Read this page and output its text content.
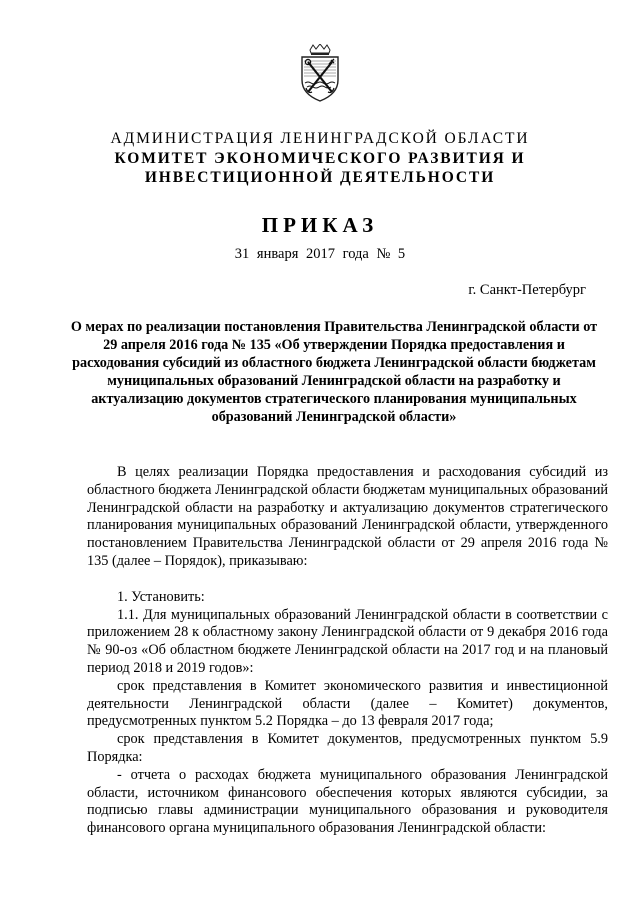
АДМИНИСТРАЦИЯ ЛЕНИНГРАДСКОЙ ОБЛАСТИ
КОМИТЕТ ЭКОНОМИЧЕСКОГО РАЗВИТИЯ И
ИНВЕСТИЦИОННОЙ ДЕЯТЕЛЬНОСТИ
ПРИКАЗ
31 января 2017 года № 5
г. Санкт-Петербург
О мерах по реализации постановления Правительства Ленинградской области от 29 апреля 2016 года № 135 «Об утверждении Порядка предоставления и расходования субсидий из областного бюджета Ленинградской области бюджетам муниципальных образований Ленинградской области на разработку и актуализацию документов стратегического планирования муниципальных образований Ленинградской области»

В целях реализации Порядка предоставления и расходования субсидий из областного бюджета Ленинградской области бюджетам муниципальных образований Ленинградской области на разработку и актуализацию документов стратегического планирования муниципальных образований Ленинградской области, утвержденного постановлением Правительства Ленинградской области от 29 апреля 2016 года № 135 (далее – Порядок), приказываю:

1. Установить:

1.1. Для муниципальных образований Ленинградской области в соответствии с приложением 28 к областному закону Ленинградской области от 9 декабря 2016 года № 90-оз «Об областном бюджете Ленинградской области на 2017 год и на плановый период 2018 и 2019 годов»:

срок представления в Комитет экономического развития и инвестиционной деятельности Ленинградской области (далее – Комитет) документов, предусмотренных пунктом 5.2 Порядка – до 13 февраля 2017 года;

срок представления в Комитет документов, предусмотренных пунктом 5.9 Порядка:

- отчета о расходах бюджета муниципального образования Ленинградской области, источником финансового обеспечения которых являются субсидии, за подписью главы администрации муниципального образования и руководителя финансового органа муниципального образования Ленинградской области:
